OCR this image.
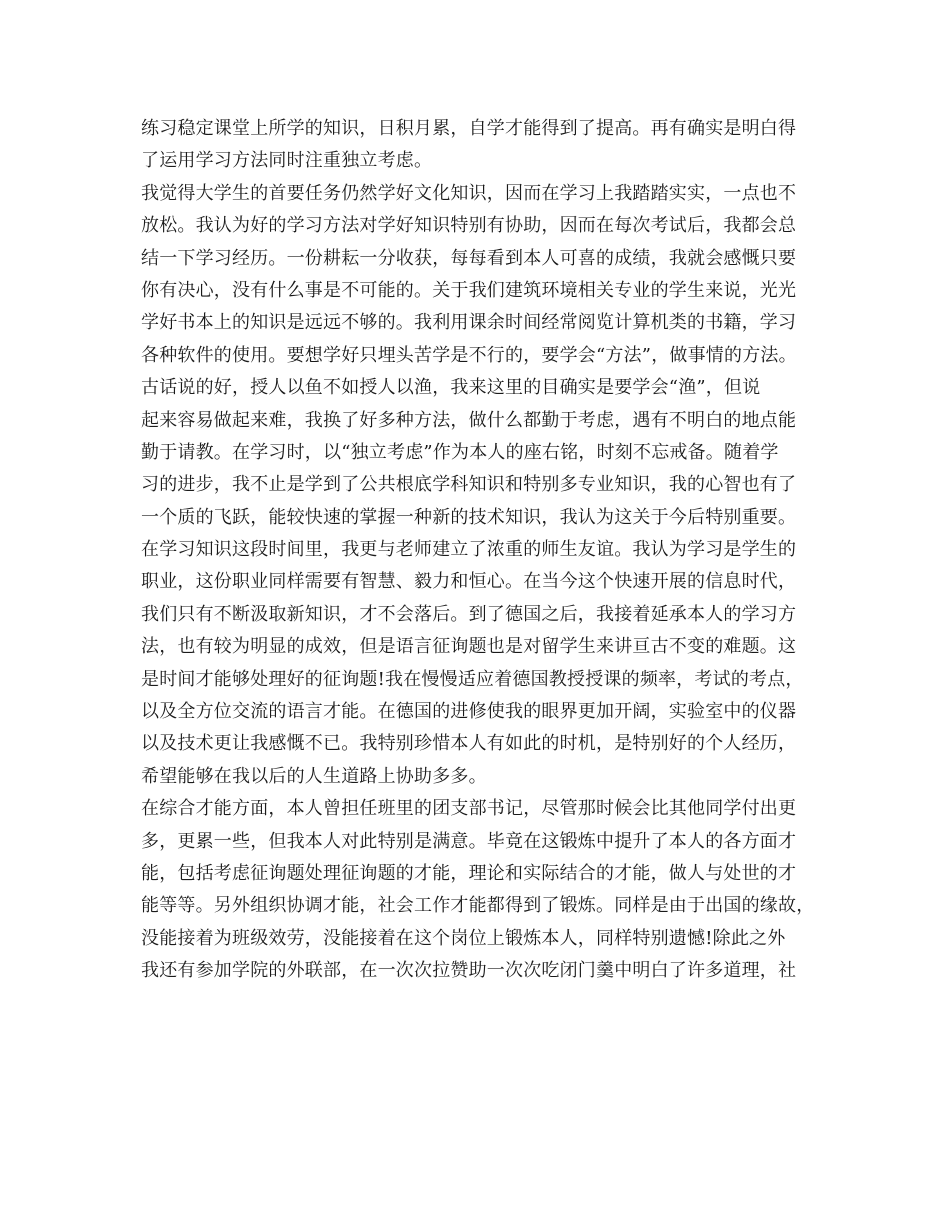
练习稳定课堂上所学的知识，日积月累，自学才能得到了提高。再有确实是明白得
了运用学习方法同时注重独立考虑。
我觉得大学生的首要任务仍然学好文化知识，因而在学习上我踏踏实实，一点也不
放松。我认为好的学习方法对学好知识特别有协助，因而在每次考试后，我都会总
结一下学习经历。一份耕耘一分收获，每每看到本人可喜的成绩，我就会感慨只要
你有决心，没有什么事是不可能的。关于我们建筑环境相关专业的学生来说，光光
学好书本上的知识是远远不够的。我利用课余时间经常阅览计算机类的书籍，学习
各种软件的使用。要想学好只埋头苦学是不行的，要学会“方法”，做事情的方法。
古话说的好，授人以鱼不如授人以渔，我来这里的目确实是要学会“渔”，但说
起来容易做起来难，我换了好多种方法，做什么都勤于考虑，遇有不明白的地点能
勤于请教。在学习时，以“独立考虑”作为本人的座右铭，时刻不忘戒备。随着学
习的进步，我不止是学到了公共根底学科知识和特别多专业知识，我的心智也有了
一个质的飞跃，能较快速的掌握一种新的技术知识，我认为这关于今后特别重要。
在学习知识这段时间里，我更与老师建立了浓重的师生友谊。我认为学习是学生的
职业，这份职业同样需要有智慧、毅力和恒心。在当今这个快速开展的信息时代，
我们只有不断汲取新知识，才不会落后。到了德国之后，我接着延承本人的学习方
法，也有较为明显的成效，但是语言征询题也是对留学生来讲亘古不变的难题。这
是时间才能够处理好的征询题!我在慢慢适应着德国教授授课的频率，考试的考点，
以及全方位交流的语言才能。在德国的进修使我的眼界更加开阔，实验室中的仪器
以及技术更让我感慨不已。我特别珍惜本人有如此的时机，是特别好的个人经历，
希望能够在我以后的人生道路上协助多多。
在综合才能方面，本人曾担任班里的团支部书记，尽管那时候会比其他同学付出更
多，更累一些，但我本人对此特别是满意。毕竟在这锻炼中提升了本人的各方面才
能，包括考虑征询题处理征询题的才能，理论和实际结合的才能，做人与处世的才
能等等。另外组织协调才能，社会工作才能都得到了锻炼。同样是由于出国的缘故，
没能接着为班级效劳，没能接着在这个岗位上锻炼本人，同样特别遗憾!除此之外
我还有参加学院的外联部，在一次次拉赞助一次次吃闭门羹中明白了许多道理，社
